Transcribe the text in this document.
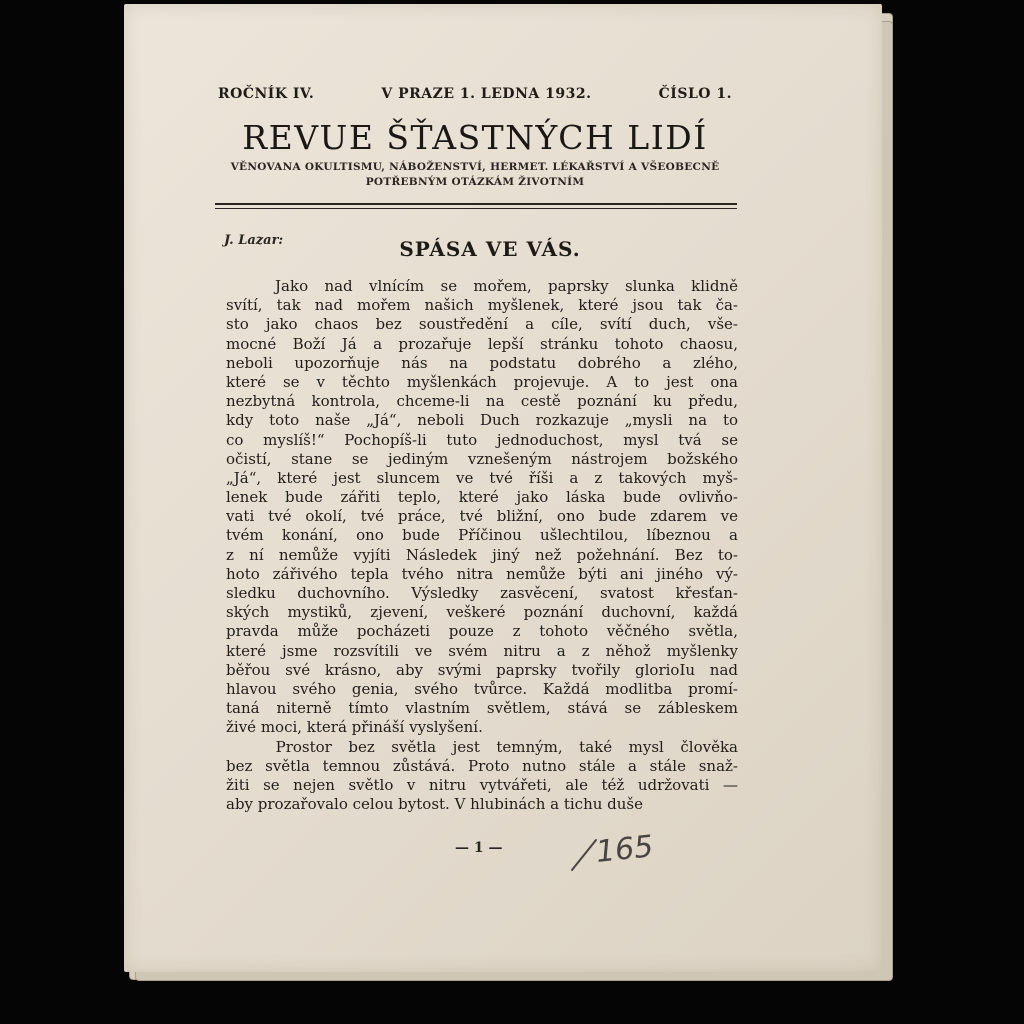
ROČNÍK IV.	V PRAZE 1. LEDNA 1932.	ČÍSLO 1.
REVUE ŠŤASTNÝCH LIDÍ
VĚNOVANA OKULTISMU, NÁBOŽENSTVÍ, HERMET. LÉKAŘSTVÍ A VŠEOBECNĚ
POTŘEBNÝM OTÁZKÁM ŽIVOTNÍM
J. Lazar:	SPÁSA VE VÁS.
Jako nad vlnícím se mořem, paprsky slunka klidně
svítí, tak nad mořem našich myšlenek, které jsou tak ča-
sto jako chaos bez soustředění a cíle, svítí duch, vše-
mocné Boží Já a prozařuje lepší stránku tohoto chaosu,
neboli upozorňuje nás na podstatu dobrého a zlého,
které se v těchto myšlenkách projevuje. A to jest ona
nezbytná kontrola, chceme-li na cestě poznání ku předu,
kdy toto naše „Já“, neboli Duch rozkazuje „mysli na to
co myslíš!“ Pochopíš-li tuto jednoduchost, mysl tvá se
očistí, stane se jediným vznešeným nástrojem božského
„Já“, které jest sluncem ve tvé říši a z takových myš-
lenek bude zářiti teplo, které jako láska bude ovlivňo-
vati tvé okolí, tvé práce, tvé bližní, ono bude zdarem ve
tvém konání, ono bude Příčinou ušlechtilou, líbeznou a
z ní nemůže vyjíti Následek jiný než požehnání. Bez to-
hoto zářivého tepla tvého nitra nemůže býti ani jiného vý-
sledku duchovního. Výsledky zasvěcení, svatost křesťan-
ských mystiků, zjevení, veškeré poznání duchovní, každá
pravda může pocházeti pouze z tohoto věčného světla,
které jsme rozsvítili ve svém nitru a z něhož myšlenky
běřou své krásno, aby svými paprsky tvořily glorioIu nad
hlavou svého genia, svého tvůrce. Každá modlitba promí-
taná niterně tímto vlastním světlem, stává se zábleskem
živé moci, která přináší vyslyšení.
Prostor bez světla jest temným, také mysl člověka
bez světla temnou zůstává. Proto nutno stále a stále snaž-
žiti se nejen světlo v nitru vytvářeti, ale též udržovati —
aby prozařovalo celou bytost. V hlubinách a tichu duše
— 1 —	165
